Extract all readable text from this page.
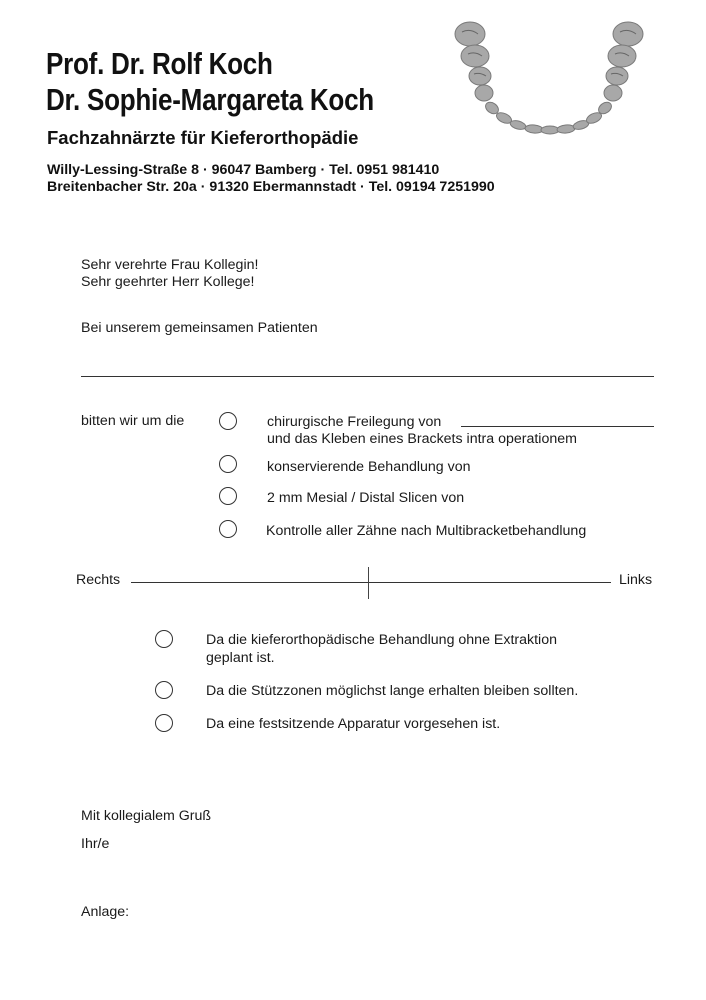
Prof. Dr. Rolf Koch
Dr. Sophie-Margareta Koch
Fachzahnärzte für Kieferorthopädie
Willy-Lessing-Straße 8 · 96047 Bamberg · Tel. 0951 981410
Breitenbacher Str. 20a · 91320 Ebermannstadt · Tel. 09194 7251990
Sehr verehrte Frau Kollegin!
Sehr geehrter Herr Kollege!
Bei unserem gemeinsamen Patienten
bitten wir um die	chirurgische Freilegung von
und das Kleben eines Brackets intra operationem
konservierende Behandlung von
2 mm Mesial / Distal Slicen von
Kontrolle aller Zähne nach Multibracketbehandlung
Rechts	Links
Da die kieferorthopädische Behandlung ohne Extraktion
geplant ist.
Da die Stützzonen möglichst lange erhalten bleiben sollten.
Da eine festsitzende Apparatur vorgesehen ist.
Mit kollegialem Gruß
Ihr/e
Anlage:
